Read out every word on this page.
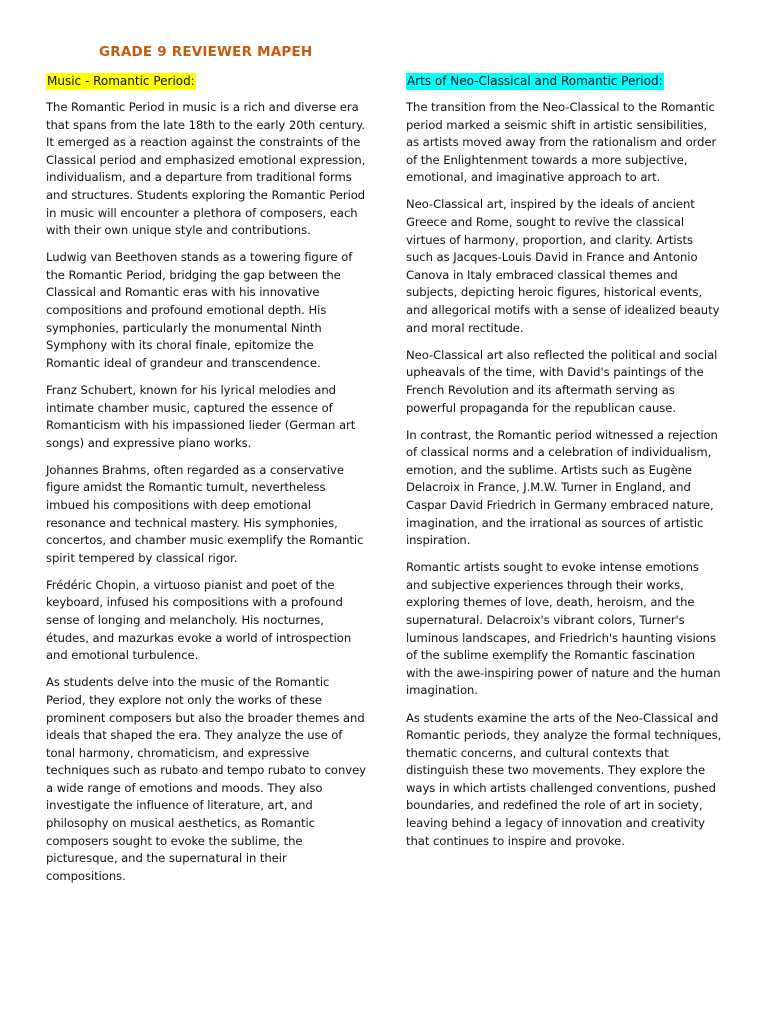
GRADE 9 REVIEWER MAPEH
Music - Romantic Period:

The Romantic Period in music is a rich and diverse era that spans from the late 18th to the early 20th century. It emerged as a reaction against the constraints of the Classical period and emphasized emotional expression, individualism, and a departure from traditional forms and structures. Students exploring the Romantic Period in music will encounter a plethora of composers, each with their own unique style and contributions.

Ludwig van Beethoven stands as a towering figure of the Romantic Period, bridging the gap between the Classical and Romantic eras with his innovative compositions and profound emotional depth. His symphonies, particularly the monumental Ninth Symphony with its choral finale, epitomize the Romantic ideal of grandeur and transcendence.

Franz Schubert, known for his lyrical melodies and intimate chamber music, captured the essence of Romanticism with his impassioned lieder (German art songs) and expressive piano works.

Johannes Brahms, often regarded as a conservative figure amidst the Romantic tumult, nevertheless imbued his compositions with deep emotional resonance and technical mastery. His symphonies, concertos, and chamber music exemplify the Romantic spirit tempered by classical rigor.

Frédéric Chopin, a virtuoso pianist and poet of the keyboard, infused his compositions with a profound sense of longing and melancholy. His nocturnes, études, and mazurkas evoke a world of introspection and emotional turbulence.

As students delve into the music of the Romantic Period, they explore not only the works of these prominent composers but also the broader themes and ideals that shaped the era. They analyze the use of tonal harmony, chromaticism, and expressive techniques such as rubato and tempo rubato to convey a wide range of emotions and moods. They also investigate the influence of literature, art, and philosophy on musical aesthetics, as Romantic composers sought to evoke the sublime, the picturesque, and the supernatural in their compositions.

Arts of Neo-Classical and Romantic Period:

The transition from the Neo-Classical to the Romantic period marked a seismic shift in artistic sensibilities, as artists moved away from the rationalism and order of the Enlightenment towards a more subjective, emotional, and imaginative approach to art.

Neo-Classical art, inspired by the ideals of ancient Greece and Rome, sought to revive the classical virtues of harmony, proportion, and clarity. Artists such as Jacques-Louis David in France and Antonio Canova in Italy embraced classical themes and subjects, depicting heroic figures, historical events, and allegorical motifs with a sense of idealized beauty and moral rectitude.

Neo-Classical art also reflected the political and social upheavals of the time, with David's paintings of the French Revolution and its aftermath serving as powerful propaganda for the republican cause.

In contrast, the Romantic period witnessed a rejection of classical norms and a celebration of individualism, emotion, and the sublime. Artists such as Eugène Delacroix in France, J.M.W. Turner in England, and Caspar David Friedrich in Germany embraced nature, imagination, and the irrational as sources of artistic inspiration.

Romantic artists sought to evoke intense emotions and subjective experiences through their works, exploring themes of love, death, heroism, and the supernatural. Delacroix's vibrant colors, Turner's luminous landscapes, and Friedrich's haunting visions of the sublime exemplify the Romantic fascination with the awe-inspiring power of nature and the human imagination.

As students examine the arts of the Neo-Classical and Romantic periods, they analyze the formal techniques, thematic concerns, and cultural contexts that distinguish these two movements. They explore the ways in which artists challenged conventions, pushed boundaries, and redefined the role of art in society, leaving behind a legacy of innovation and creativity that continues to inspire and provoke.
